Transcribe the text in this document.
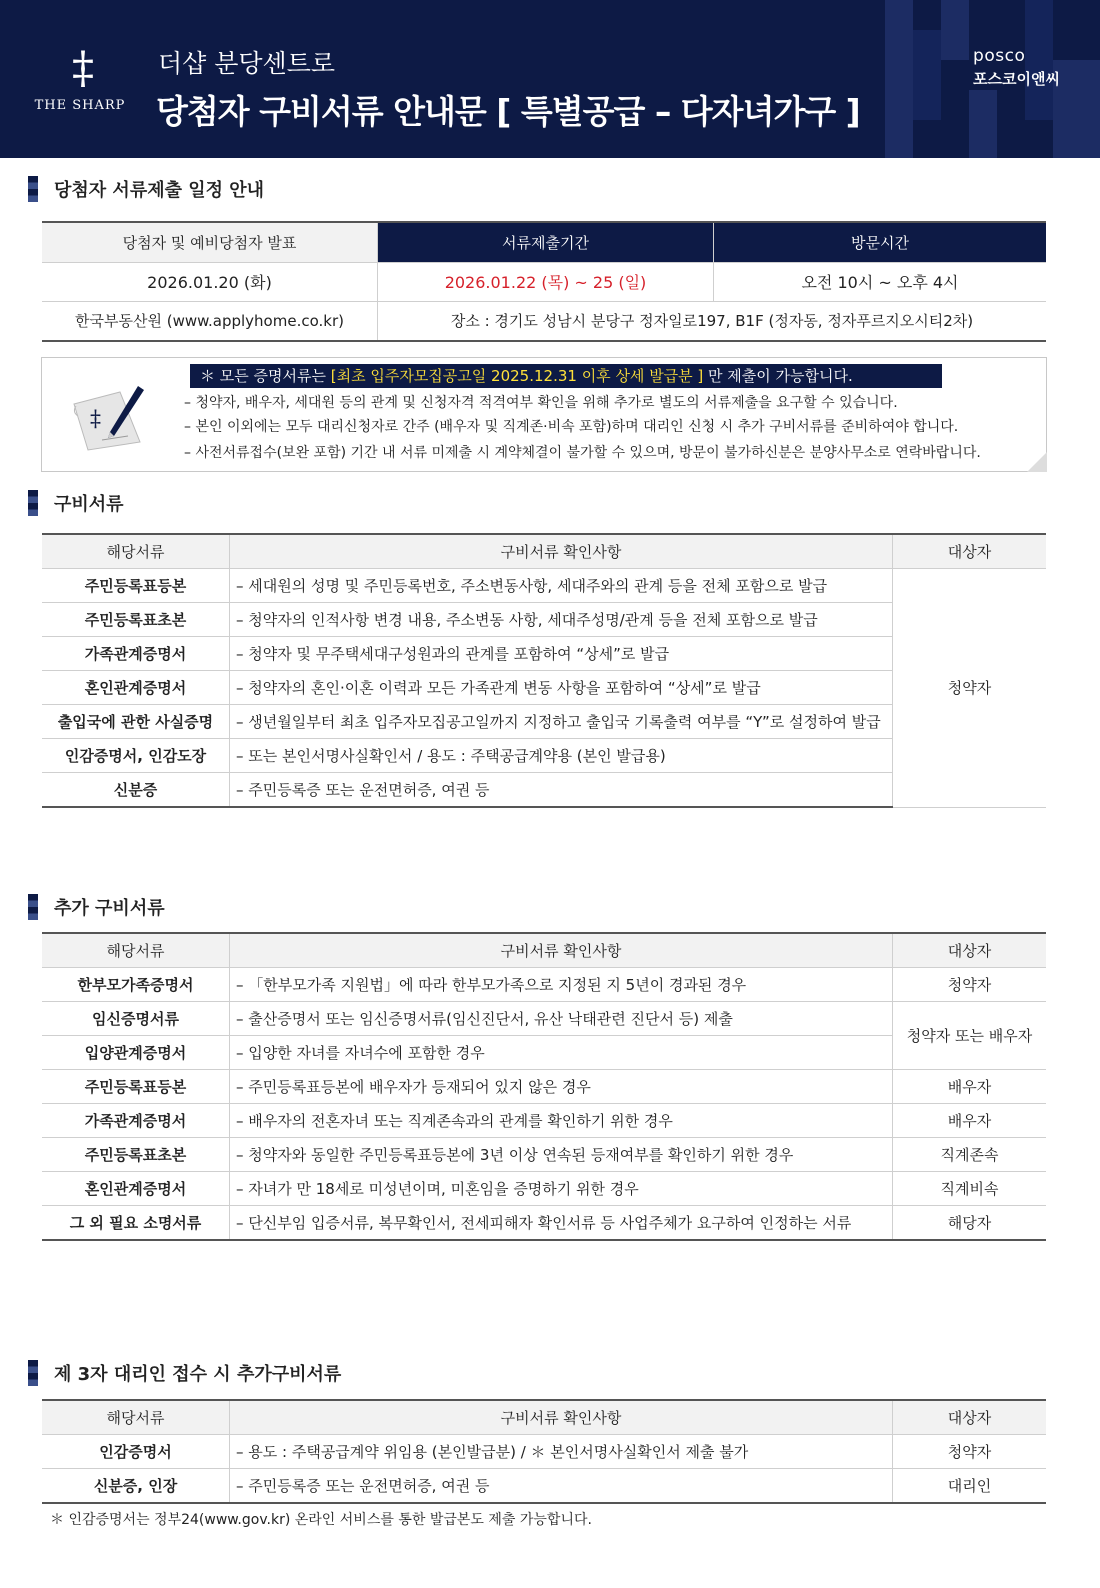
‡
THE SHARP
더샵 분당센트로
당첨자 구비서류 안내문 [ 특별공급 – 다자녀가구 ]
posco
포스코이앤씨
당첨자 서류제출 일정 안내
당첨자 및 예비당첨자 발표	서류제출기간	방문시간
2026.01.20 (화)	2026.01.22 (목) ~ 25 (일)	오전 10시 ~ 오후 4시
한국부동산원 (www.applyhome.co.kr)	장소 : 경기도 성남시 분당구 정자일로197, B1F (정자동, 정자푸르지오시티2차)	
‡
＊ 모든 증명서류는 [최초 입주자모집공고일 2025.12.31 이후 상세 발급분 ] 만 제출이 가능합니다.
– 청약자, 배우자, 세대원 등의 관계 및 신청자격 적격여부 확인을 위해 추가로 별도의 서류제출을 요구할 수 있습니다.
– 본인 이외에는 모두 대리신청자로 간주 (배우자 및 직계존·비속 포함)하며 대리인 신청 시 추가 구비서류를 준비하여야 합니다.
– 사전서류접수(보완 포함) 기간 내 서류 미제출 시 계약체결이 불가할 수 있으며, 방문이 불가하신분은 분양사무소로 연락바랍니다.
구비서류
해당서류	구비서류 확인사항	대상자
주민등록표등본	– 세대원의 성명 및 주민등록번호, 주소변동사항, 세대주와의 관계 등을 전체 포함으로 발급	청약자
주민등록표초본	– 청약자의 인적사항 변경 내용, 주소변동 사항, 세대주성명/관계 등을 전체 포함으로 발급	
가족관계증명서	– 청약자 및 무주택세대구성원과의 관계를 포함하여 “상세”로 발급	
혼인관계증명서	– 청약자의 혼인·이혼 이력과 모든 가족관계 변동 사항을 포함하여 “상세”로 발급	
출입국에 관한 사실증명	– 생년월일부터 최초 입주자모집공고일까지 지정하고 출입국 기록출력 여부를 “Y”로 설정하여 발급	
인감증명서, 인감도장	– 또는 본인서명사실확인서 / 용도 : 주택공급계약용 (본인 발급용)	
신분증	– 주민등록증 또는 운전면허증, 여권 등	
추가 구비서류
해당서류	구비서류 확인사항	대상자
한부모가족증명서	– 「한부모가족 지원법」에 따라 한부모가족으로 지정된 지 5년이 경과된 경우	청약자
임신증명서류	– 출산증명서 또는 임신증명서류(임신진단서, 유산 낙태관련 진단서 등) 제출	청약자 또는 배우자
입양관계증명서	– 입양한 자녀를 자녀수에 포함한 경우	
주민등록표등본	– 주민등록표등본에 배우자가 등재되어 있지 않은 경우	배우자
가족관계증명서	– 배우자의 전혼자녀 또는 직계존속과의 관계를 확인하기 위한 경우	배우자
주민등록표초본	– 청약자와 동일한 주민등록표등본에 3년 이상 연속된 등재여부를 확인하기 위한 경우	직계존속
혼인관계증명서	– 자녀가 만 18세로 미성년이며, 미혼임을 증명하기 위한 경우	직계비속
그 외 필요 소명서류	– 단신부임 입증서류, 복무확인서, 전세피해자 확인서류 등 사업주체가 요구하여 인정하는 서류	해당자
제 3자 대리인 접수 시 추가구비서류
해당서류	구비서류 확인사항	대상자
인감증명서	– 용도 : 주택공급계약 위임용 (본인발급분) / ＊ 본인서명사실확인서 제출 불가	청약자
신분증, 인장	– 주민등록증 또는 운전면허증, 여권 등	대리인
＊ 인감증명서는 정부24(www.gov.kr) 온라인 서비스를 통한 발급본도 제출 가능합니다.
